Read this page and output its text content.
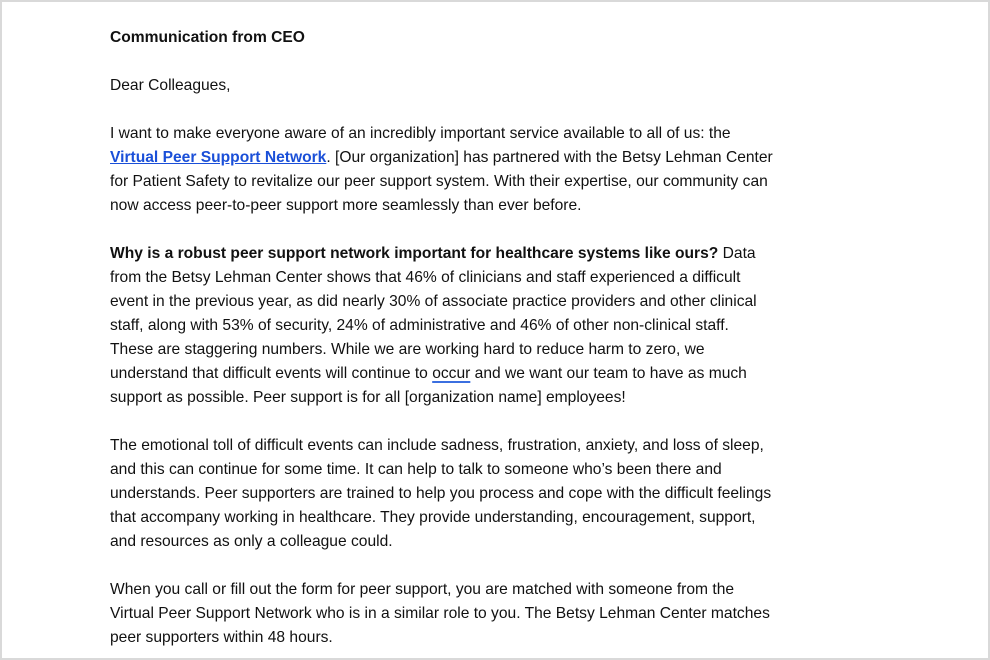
Communication from CEO

Dear Colleagues,

I want to make everyone aware of an incredibly important service available to all of us: the
Virtual Peer Support Network. [Our organization] has partnered with the Betsy Lehman Center
for Patient Safety to revitalize our peer support system. With their expertise, our community can
now access peer-to-peer support more seamlessly than ever before.

Why is a robust peer support network important for healthcare systems like ours? Data
from the Betsy Lehman Center shows that 46% of clinicians and staff experienced a difficult
event in the previous year, as did nearly 30% of associate practice providers and other clinical
staff, along with 53% of security, 24% of administrative and 46% of other non-clinical staff.
These are staggering numbers. While we are working hard to reduce harm to zero, we
understand that difficult events will continue to occur and we want our team to have as much
support as possible. Peer support is for all [organization name] employees!

The emotional toll of difficult events can include sadness, frustration, anxiety, and loss of sleep,
and this can continue for some time. It can help to talk to someone who’s been there and
understands. Peer supporters are trained to help you process and cope with the difficult feelings
that accompany working in healthcare. They provide understanding, encouragement, support,
and resources as only a colleague could.

When you call or fill out the form for peer support, you are matched with someone from the
Virtual Peer Support Network who is in a similar role to you. The Betsy Lehman Center matches
peer supporters within 48 hours.
